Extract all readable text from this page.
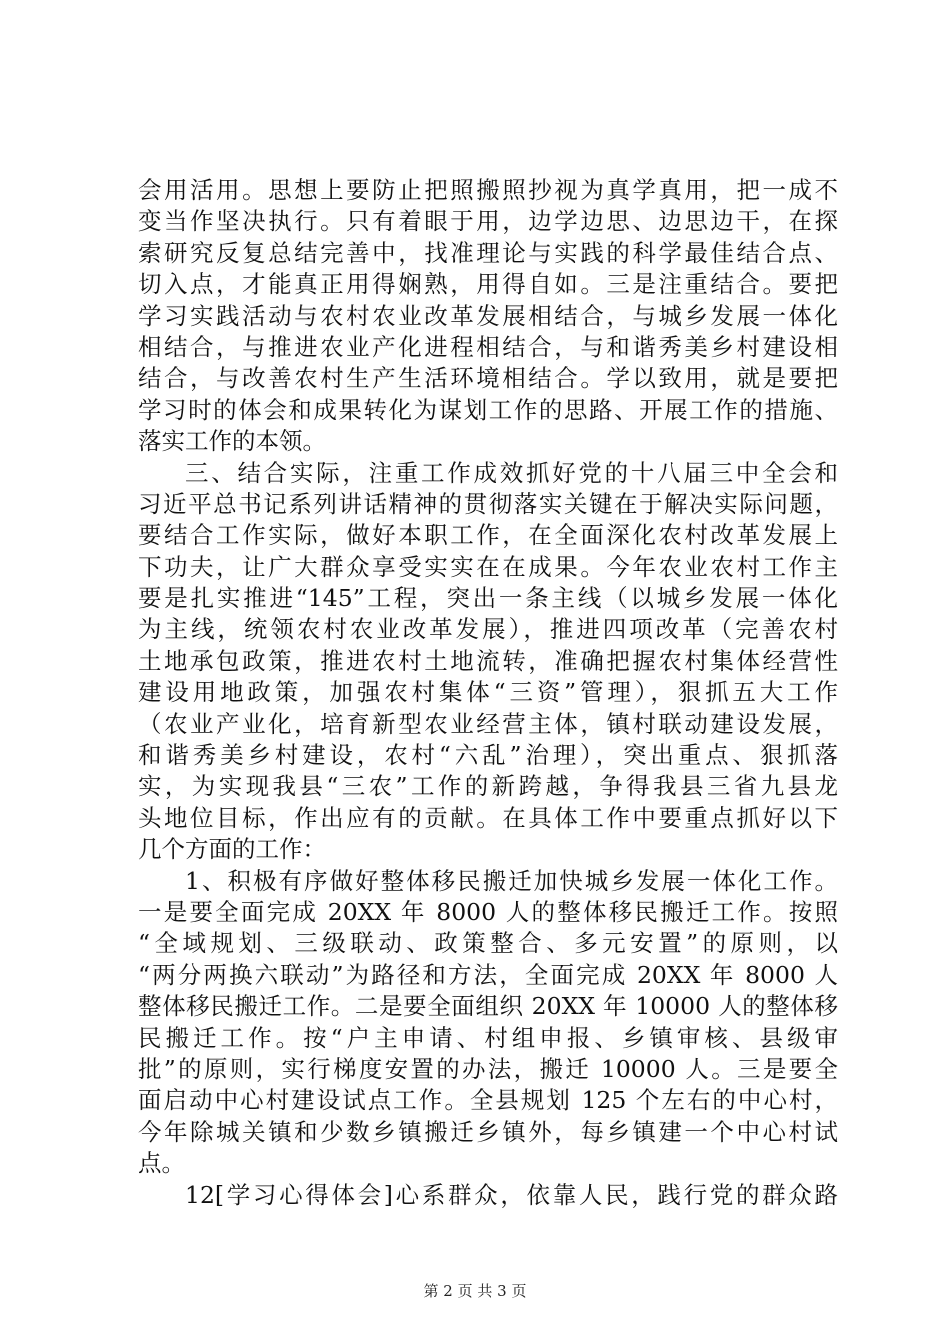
会用活用。思想上要防止把照搬照抄视为真学真用，把一成不
变当作坚决执行。只有着眼于用，边学边思、边思边干，在探
索研究反复总结完善中，找准理论与实践的科学最佳结合点、
切入点，才能真正用得娴熟，用得自如。三是注重结合。要把
学习实践活动与农村农业改革发展相结合，与城乡发展一体化
相结合，与推进农业产化进程相结合，与和谐秀美乡村建设相
结合，与改善农村生产生活环境相结合。学以致用，就是要把
学习时的体会和成果转化为谋划工作的思路、开展工作的措施、
落实工作的本领。
三、结合实际，注重工作成效抓好党的十八届三中全会和
习近平总书记系列讲话精神的贯彻落实关键在于解决实际问题，
要结合工作实际，做好本职工作，在全面深化农村改革发展上
下功夫，让广大群众享受实实在在成果。今年农业农村工作主
要是扎实推进“145”工程，突出一条主线（以城乡发展一体化
为主线，统领农村农业改革发展），推进四项改革（完善农村
土地承包政策，推进农村土地流转，准确把握农村集体经营性
建设用地政策，加强农村集体“三资”管理），狠抓五大工作
（农业产业化，培育新型农业经营主体，镇村联动建设发展，
和谐秀美乡村建设，农村“六乱”治理），突出重点、狠抓落
实，为实现我县“三农”工作的新跨越，争得我县三省九县龙
头地位目标，作出应有的贡献。在具体工作中要重点抓好以下
几个方面的工作：
1、积极有序做好整体移民搬迁加快城乡发展一体化工作。
一是要全面完成 20XX 年 8000 人的整体移民搬迁工作。按照
“全域规划、三级联动、政策整合、多元安置”的原则，以
“两分两换六联动”为路径和方法，全面完成 20XX 年 8000 人
整体移民搬迁工作。二是要全面组织 20XX 年 10000 人的整体移
民搬迁工作。按“户主申请、村组申报、乡镇审核、县级审
批”的原则，实行梯度安置的办法，搬迁 10000 人。三是要全
面启动中心村建设试点工作。全县规划 125 个左右的中心村，
今年除城关镇和少数乡镇搬迁乡镇外，每乡镇建一个中心村试
点。
12[学习心得体会]心系群众，依靠人民，践行党的群众路
第 2 页 共 3 页
